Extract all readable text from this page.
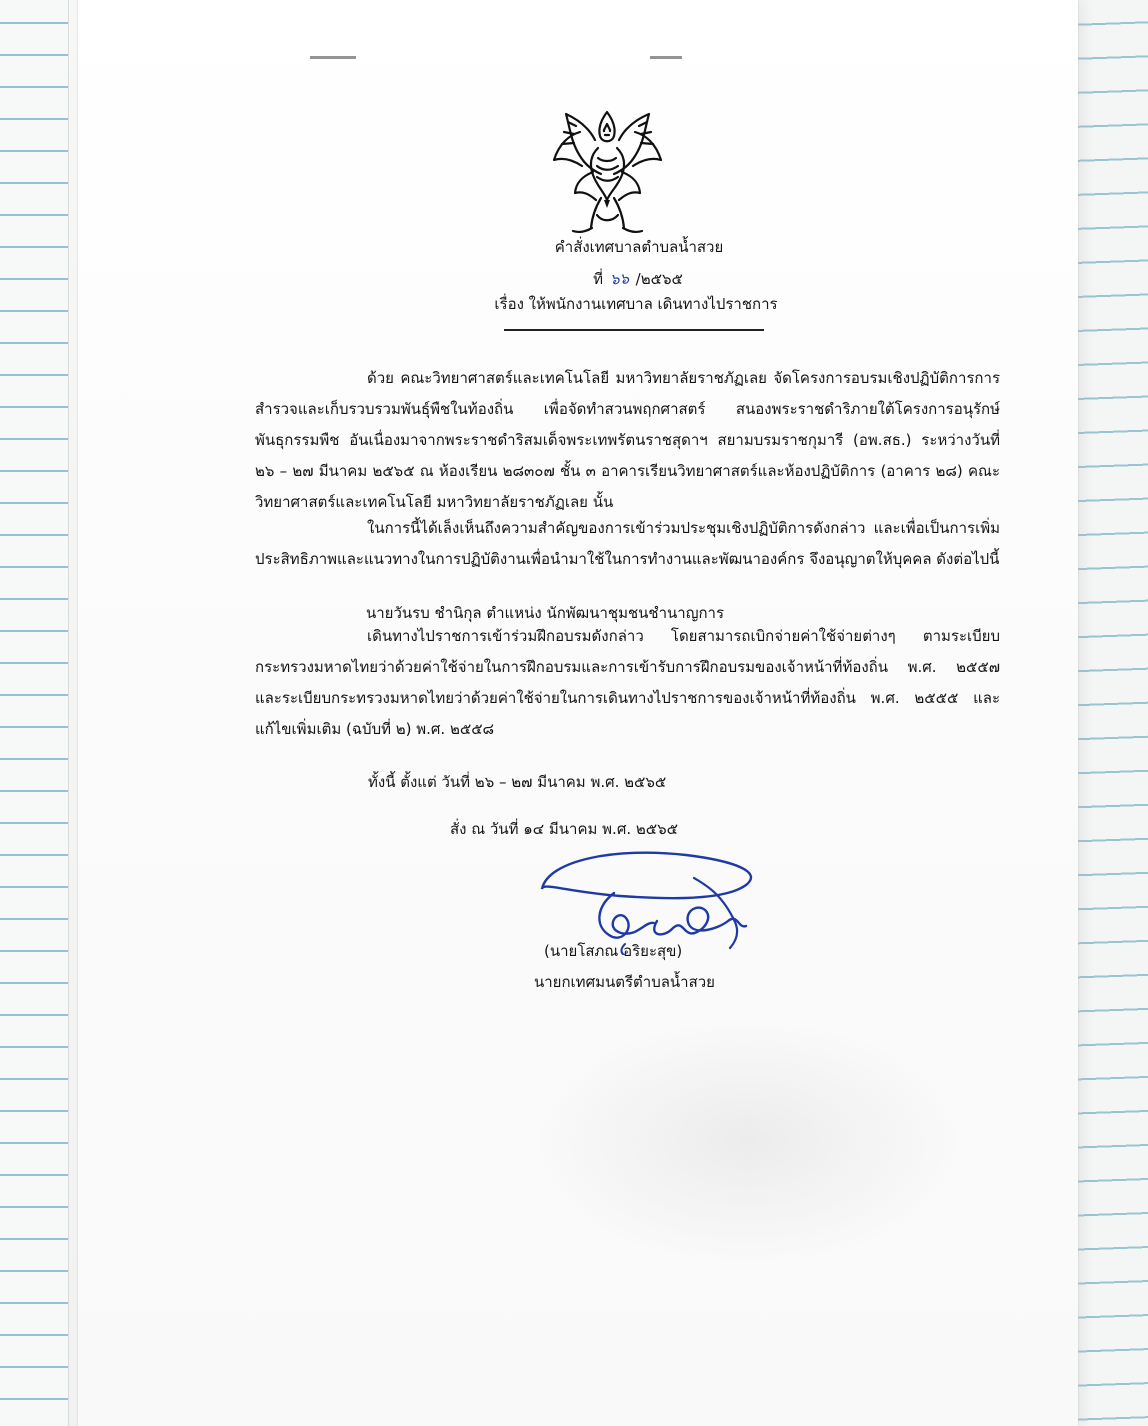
คำสั่งเทศบาลตำบลน้ำสวย
ที่ ๖๖ /๒๕๖๕
เรื่อง ให้พนักงานเทศบาล เดินทางไปราชการ
ด้วย คณะวิทยาศาสตร์และเทคโนโลยี มหาวิทยาลัยราชภัฏเลย จัดโครงการอบรมเชิงปฏิบัติการการสำรวจและเก็บรวบรวมพันธุ์พืชในท้องถิ่น เพื่อจัดทำสวนพฤกศาสตร์ สนองพระราชดำริภายใต้โครงการอนุรักษ์พันธุกรรมพืช อันเนื่องมาจากพระราชดำริสมเด็จพระเทพรัตนราชสุดาฯ สยามบรมราชกุมารี (อพ.สธ.) ระหว่างวันที่ ๒๖ – ๒๗ มีนาคม ๒๕๖๕ ณ ห้องเรียน ๒๘๓๐๗ ชั้น ๓ อาคารเรียนวิทยาศาสตร์และห้องปฏิบัติการ (อาคาร ๒๘) คณะวิทยาศาสตร์และเทคโนโลยี มหาวิทยาลัยราชภัฏเลย นั้น
ในการนี้ได้เล็งเห็นถึงความสำคัญของการเข้าร่วมประชุมเชิงปฏิบัติการดังกล่าว และเพื่อเป็นการเพิ่มประสิทธิภาพและแนวทางในการปฏิบัติงานเพื่อนำมาใช้ในการทำงานและพัฒนาองค์กร จึงอนุญาตให้บุคคล ดังต่อไปนี้
นายวันรบ ชำนิกุล ตำแหน่ง นักพัฒนาชุมชนชำนาญการ
เดินทางไปราชการเข้าร่วมฝึกอบรมดังกล่าว โดยสามารถเบิกจ่ายค่าใช้จ่ายต่างๆ ตามระเบียบกระทรวงมหาดไทยว่าด้วยค่าใช้จ่ายในการฝึกอบรมและการเข้ารับการฝึกอบรมของเจ้าหน้าที่ท้องถิ่น พ.ศ. ๒๕๕๗ และระเบียบกระทรวงมหาดไทยว่าด้วยค่าใช้จ่ายในการเดินทางไปราชการของเจ้าหน้าที่ท้องถิ่น พ.ศ. ๒๕๕๕ และแก้ไขเพิ่มเติม (ฉบับที่ ๒) พ.ศ. ๒๕๕๘
ทั้งนี้ ตั้งแต่ วันที่ ๒๖ – ๒๗ มีนาคม พ.ศ. ๒๕๖๕
สั่ง ณ วันที่ ๑๔ มีนาคม พ.ศ. ๒๕๖๕
(นายโสภณ อริยะสุข)
นายกเทศมนตรีตำบลน้ำสวย
